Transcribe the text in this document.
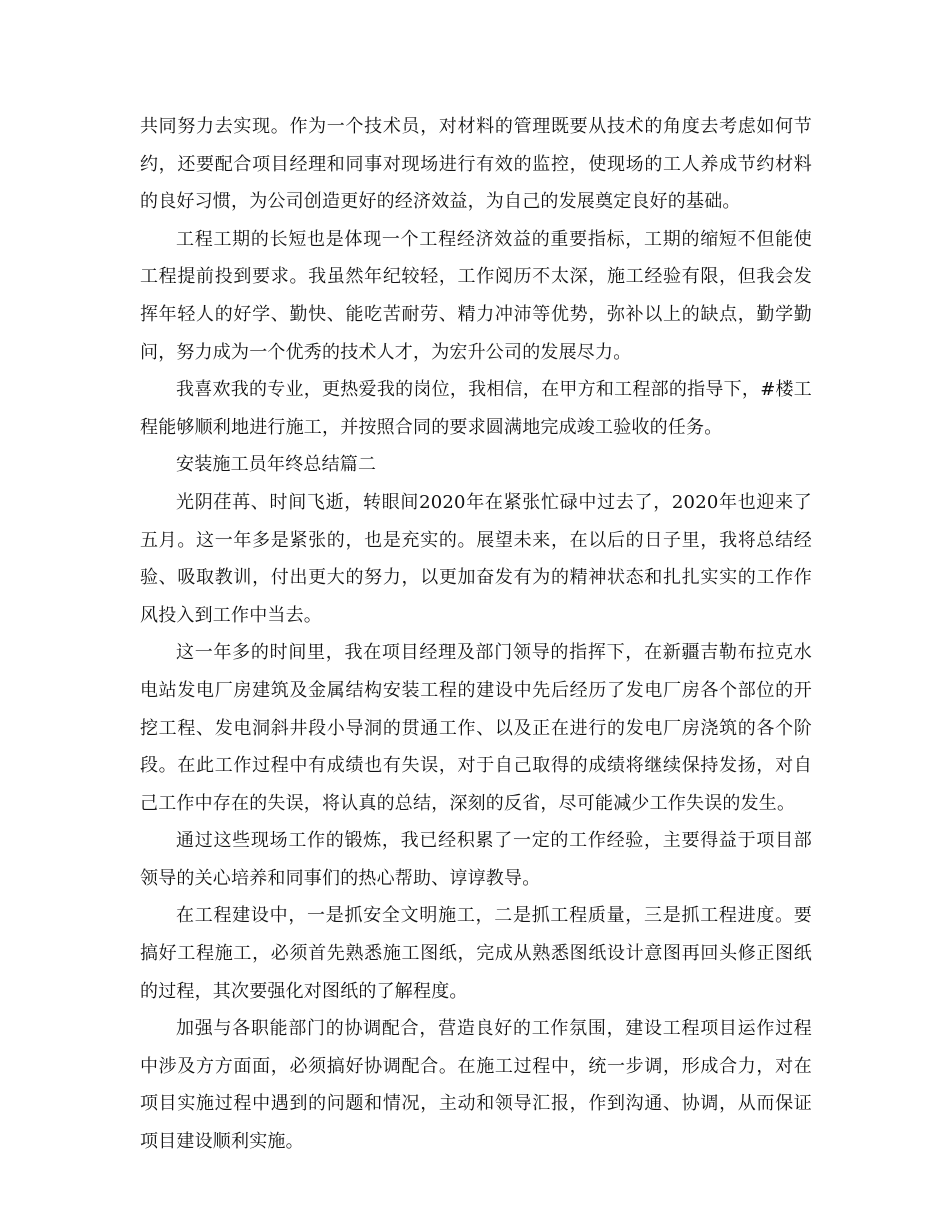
共同努力去实现。作为一个技术员，对材料的管理既要从技术的角度去考虑如何节约，还要配合项目经理和同事对现场进行有效的监控，使现场的工人养成节约材料的良好习惯，为公司创造更好的经济效益，为自己的发展奠定良好的基础。

工程工期的长短也是体现一个工程经济效益的重要指标，工期的缩短不但能使工程提前投到要求。我虽然年纪较轻，工作阅历不太深，施工经验有限，但我会发挥年轻人的好学、勤快、能吃苦耐劳、精力冲沛等优势，弥补以上的缺点，勤学勤问，努力成为一个优秀的技术人才，为宏升公司的发展尽力。

我喜欢我的专业，更热爱我的岗位，我相信，在甲方和工程部的指导下，#楼工程能够顺利地进行施工，并按照合同的要求圆满地完成竣工验收的任务。

安装施工员年终总结篇二

光阴荏苒、时间飞逝，转眼间2020年在紧张忙碌中过去了，2020年也迎来了五月。这一年多是紧张的，也是充实的。展望未来，在以后的日子里，我将总结经验、吸取教训，付出更大的努力，以更加奋发有为的精神状态和扎扎实实的工作作风投入到工作中当去。

这一年多的时间里，我在项目经理及部门领导的指挥下，在新疆吉勒布拉克水电站发电厂房建筑及金属结构安装工程的建设中先后经历了发电厂房各个部位的开挖工程、发电洞斜井段小导洞的贯通工作、以及正在进行的发电厂房浇筑的各个阶段。在此工作过程中有成绩也有失误，对于自己取得的成绩将继续保持发扬，对自己工作中存在的失误，将认真的总结，深刻的反省，尽可能减少工作失误的发生。

通过这些现场工作的锻炼，我已经积累了一定的工作经验，主要得益于项目部领导的关心培养和同事们的热心帮助、谆谆教导。

在工程建设中，一是抓安全文明施工，二是抓工程质量，三是抓工程进度。要搞好工程施工，必须首先熟悉施工图纸，完成从熟悉图纸设计意图再回头修正图纸的过程，其次要强化对图纸的了解程度。

加强与各职能部门的协调配合，营造良好的工作氛围，建设工程项目运作过程中涉及方方面面，必须搞好协调配合。在施工过程中，统一步调，形成合力，对在项目实施过程中遇到的问题和情况，主动和领导汇报，作到沟通、协调，从而保证项目建设顺利实施。
